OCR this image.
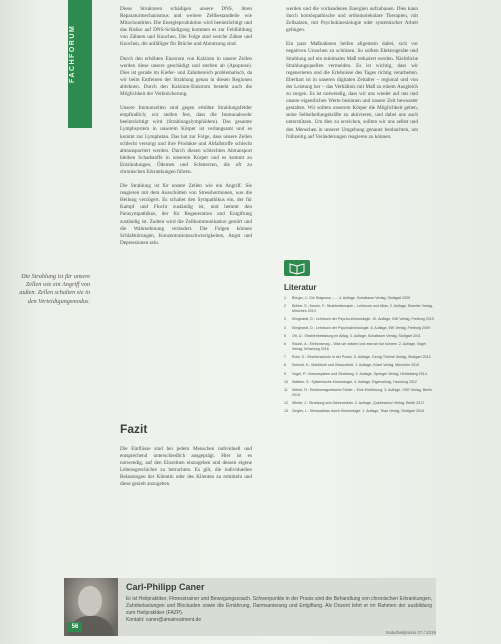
FACHFORUM

Diese Strukturen schädigen unsere DNS, ihren Reparaturmechanismus und weitere Zellbestandteile wie Mitochondrien. Die Energieproduktion wird beeinträchtigt und das Risiko auf DNS-Schädigung kommen es zur Fehlbildung von Zähnen und Knochen. Die Folge sind weiche Zähne und Knochen, die anfälliger für Brüche und Abnutzung sind.

Durch den erhöhten Einstrom von Kalzium in unsere Zellen werden diese unsere geschädigt und sterben ab (Apoptose). Dies ist gerade im Kiefer- und Zahnbereich problematisch, da wir beim Entfernen der Strahlung genau in diesen Regionen ablehnen. Durch den Kalzium-Einstrom besteht auch die Möglichkeit der Verknöcherung.

Unsere Immunzellen sind gegen erhöhte Strahlungsfelder empfindlich; wir stellen fest, dass die Immunabwehr beeinträchtigt wird (Strahlungslymphödem). Das gesamte Lymphsystem in unserem Körper ist verlangsamt und es kommt zur Lymphstau. Das hat zur Folge, dass unsere Zellen schlecht versorgt und ihre Produkte und Abfallstoffe schlecht abtransportiert werden. Durch diesen schlechten Abtransport bleiben Schadstoffe in unserem Körper und es kommt zu Entzündungen, Ödemen und Schmerzen, die oft zu chronischen Erkrankungen führen.

Die Strahlung ist für unsere Zellen wie ein Angriff. Sie reagieren mit dem Ausschütten von Stresshormonen, was die Heilung verzögert. Es schaltet den Sympathikus ein, der für Kampf und Flucht zuständig ist, und hemmt den Parasympathikus, der für Regeneration und Entgiftung zuständig ist. Zudem wird die Zellkommunikation gestört und die Wahrnehmung verändert. Die Folgen können Schlafstörungen, Konzentrationsschwierigkeiten, Angst und Depressionen sein.

Die Strahlung ist für unsere Zellen wie ein Angriff von außen. Zellen schalten sie in den Verteidigungsmodus.
Fazit

Die Einflüsse sind bei jedem Menschen individuell und entsprechend unterschiedlich ausgeprägt. Hier ist es notwendig, auf den Einzelnen einzugehen und dessen eigene Lebensgeschichte zu betrachten. Es gilt, die individuellen Belastungen der Klientin oder des Klienten zu ermitteln und diese gezielt anzugehen.

werden und die vorhandenen Energien aufzubauen. Dies kann durch homöopathische und orthomolekulare Therapien, mit Zellsalzen, mit Psychokinesiologie oder systemischer Arbeit gelingen.

Ein paar Maßnahmen helfen allgemein dabei, sich vor negativen Ursachen zu schützen. So sollten Elektrogeräte und Strahlung auf ein minimales Maß reduziert werden. Nächtliche Strahlungsquellen vermeiden. Es ist wichtig, dass wir regenerieren und die Erlebnisse des Tages richtig verarbeiten. Eberhart ist in unseren digitalen Zeitalter – regional und von der Leistung her – das Verhältnis mit Maß zu einem Ausgleich zu sorgen. Es ist notwendig, dass wir uns wieder auf uns und unsere eigentlichen Werte besinnen und unsere Zeit bewusster gestalten. Wir sollten unserem Körper die Möglichkeit geben, seine Selbstheilungskräfte zu aktivieren, und dabei uns auch unterstützen. Um dies zu erreichen, sollten wir uns selbst und den Menschen in unserer Umgebung genauer beobachten, um frühzeitig auf Veränderungen reagieren zu können.

Literatur
1	Bürger, J.: Die Diagnose – ... 4. Auflage, Schattauer Verlag, Stuttgart 2009
2	Bühler, S.; Kreutz, F.: Strahlentherapie – Lehrbuch und Atlas. 2. Auflage, Elsevier Verlag, München 2014
3	Klinghardt, D.: Lehrbuch der Psycho-Kinesiologie. 10. Auflage, INK Verlag, Freiburg 2015
4	Klinghardt, D.: Lehrbuch der Psychokinesiologie. 8. Auflage, INK Verlag, Freiburg 2009
5	Ott, U.: Strahlenbelastung im Alltag. 3. Auflage, Schattauer Verlag, Stuttgart 2011
6	Rauch, A.: Elektrosmog – Was wir wissen und was wir tun können. 2. Auflage, Vogel Verlag, Würzburg 2016
7	Ruhl, G.: Strahlenschutz in der Praxis. 5. Auflage, Georg Thieme Verlag, Stuttgart 2013
8	Schmid, K.: Mobilfunk und Gesundheit. 1. Auflage, Kösel Verlag, München 2010
9	Vogel, P.: Immunsystem und Strahlung. 2. Auflage, Springer Verlag, Heidelberg 2014
10	Walther, S.: Systemische Kinesiologie. 4. Auflage, Eigenverlag, Hamburg 2012
11	Weber, R.: Elektromagnetische Felder – Eine Einführung. 3. Auflage, VDE Verlag, Berlin 2015
12	Winter, J.: Strahlung und Zahnmedizin. 2. Auflage, Quintessenz Verlag, Berlin 2017
13	Ziegler, L.: Stressabbau durch Kinesiologie. 1. Auflage, Trias Verlag, Stuttgart 2018
Carl-Philipp Caner
Er ist Heilpraktiker, Fitnesstrainer und Bewegungscoach. Schwerpunkte in der Praxis sind die Behandlung von chronischen Erkrankungen, Zahnbelastungen und Blockaden sowie die Ernährung, Darmsanierung und Entgiftung. Als Dozent lehrt er im Rahmen der ausbildung zum Heilpraktiker (FAZP).
Kontakt: caner@amatreatment.de
56
Naturheilpraxis 07 / 2019
